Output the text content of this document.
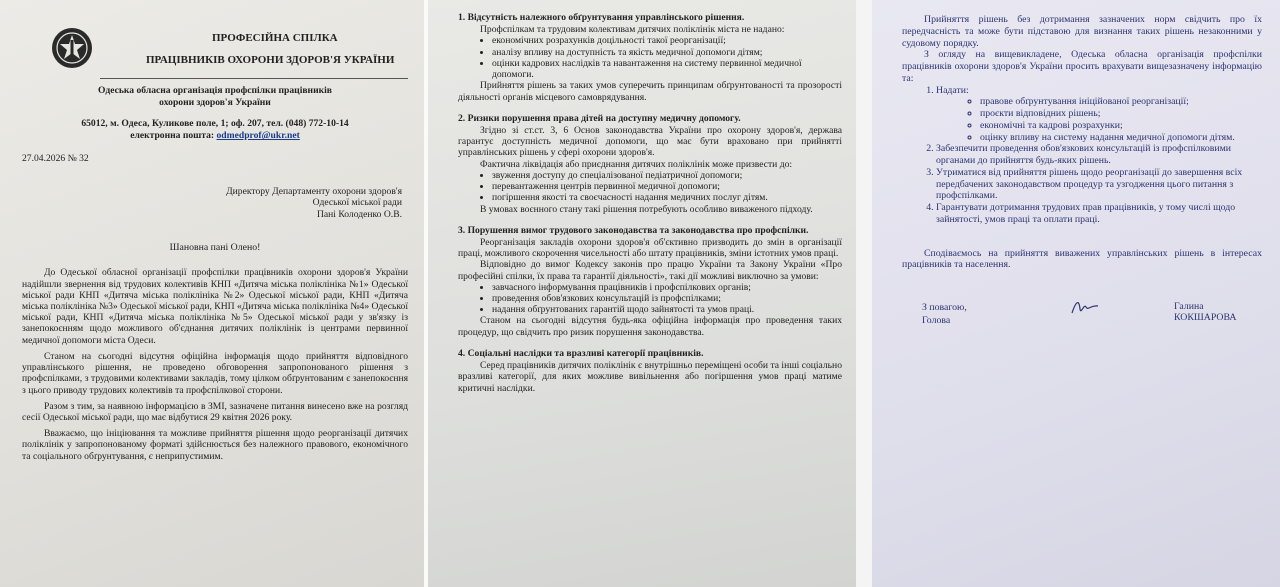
ПРОФЕСІЙНА СПІЛКА
ПРАЦІВНИКІВ ОХОРОНИ ЗДОРОВ'Я УКРАЇНИ
Одеська обласна організація профспілки працівників
охорони здоров'я України
65012, м. Одеса, Куликове поле, 1; оф. 207, тел. (048) 772-10-14
електронна пошта: odmedprof@ukr.net
27.04.2026 № 32
Директору Департаменту охорони здоров'я
Одеської міської ради
Пані Колоденко О.В.
Шановна пані Олено!

До Одеської обласної організації профспілки працівників охорони здоров'я України надійшли звернення від трудових колективів КНП «Дитяча міська поліклініка №1» Одеської міської ради КНП «Дитяча міська поліклініка №2» Одеської міської ради, КНП «Дитяча міська поліклініка №3» Одеської міської ради, КНП «Дитяча міська поліклініка №4» Одеської міської ради, КНП «Дитяча міська поліклініка №5» Одеської міської ради у зв'язку із занепокоєнням щодо можливого об'єднання дитячих поліклінік із центрами первинної медичної допомоги міста Одеси.

Станом на сьогодні відсутня офіційна інформація щодо прийняття відповідного управлінського рішення, не проведено обговорення запропонованого рішення з профспілками, з трудовими колективами закладів, тому цілком обґрунтованим є занепокоєння з цього приводу трудових колективів та профспілкової сторони.

Разом з тим, за наявною інформацією в ЗМІ, зазначене питання винесено вже на розгляд сесії Одеської міської ради, що має відбутися 29 квітня 2026 року.

Вважаємо, що ініціювання та можливе прийняття рішення щодо реорганізації дитячих поліклінік у запропонованому форматі здійснюється без належного правового, економічного та соціального обґрунтування, є неприпустимим.

1. Відсутність належного обґрунтування управлінського рішення.

Профспілкам та трудовим колективам дитячих поліклінік міста не надано:

• економічних розрахунків доцільності такої реорганізації;
• аналізу впливу на доступність та якість медичної допомоги дітям;
• оцінки кадрових наслідків та навантаження на систему первинної медичної допомоги.

Прийняття рішень за таких умов суперечить принципам обґрунтованості та прозорості діяльності органів місцевого самоврядування.

2. Ризики порушення права дітей на доступну медичну допомогу.

Згідно зі ст.ст. 3, 6 Основ законодавства України про охорону здоров'я, держава гарантує доступність медичної допомоги, що має бути враховано при прийнятті управлінських рішень у сфері охорони здоров'я.

Фактична ліквідація або приєднання дитячих поліклінік може призвести до:

• звуження доступу до спеціалізованої педіатричної допомоги;
• перевантаження центрів первинної медичної допомоги;
• погіршення якості та своєчасності надання медичних послуг дітям.

В умовах воєнного стану такі рішення потребують особливо виваженого підходу.

3. Порушення вимог трудового законодавства та законодавства про профспілки.

Реорганізація закладів охорони здоров'я об'єктивно призводить до змін в організації праці, можливого скорочення чисельності або штату працівників, зміни істотних умов праці.

Відповідно до вимог Кодексу законів про працю України та Закону України «Про професійні спілки, їх права та гарантії діяльності», такі дії можливі виключно за умови:

• завчасного інформування працівників і профспілкових органів;
• проведення обов'язкових консультацій із профспілками;
• надання обґрунтованих гарантій щодо зайнятості та умов праці.

Станом на сьогодні відсутня будь-яка офіційна інформація про проведення таких процедур, що свідчить про ризик порушення законодавства.

4. Соціальні наслідки та вразливі категорії працівників.

Серед працівників дитячих поліклінік є внутрішньо переміщені особи та інші соціально вразливі категорії, для яких можливе вивільнення або погіршення умов праці матиме критичні наслідки.

Прийняття рішень без дотримання зазначених норм свідчить про їх передчасність та може бути підставою для визнання таких рішень незаконними у судовому порядку.

З огляду на вищевикладене, Одеська обласна організація профспілки працівників охорони здоров'я України просить врахувати вищезазначену інформацію та:

1. Надати:
◦ правове обґрунтування ініційованої реорганізації;
◦ проєкти відповідних рішень;
◦ економічні та кадрові розрахунки;
◦ оцінку впливу на систему надання медичної допомоги дітям.
2. Забезпечити проведення обов'язкових консультацій із профспілковими органами до прийняття будь-яких рішень.
3. Утриматися від прийняття рішень щодо реорганізації до завершення всіх передбачених законодавством процедур та узгодження цього питання з профспілками.
4. Гарантувати дотримання трудових прав працівників, у тому числі щодо зайнятості, умов праці та оплати праці.

Сподіваємось на прийняття виважених управлінських рішень в інтересах працівників та населення.

З повагою,
Голова
Галина КОКШАРОВА
